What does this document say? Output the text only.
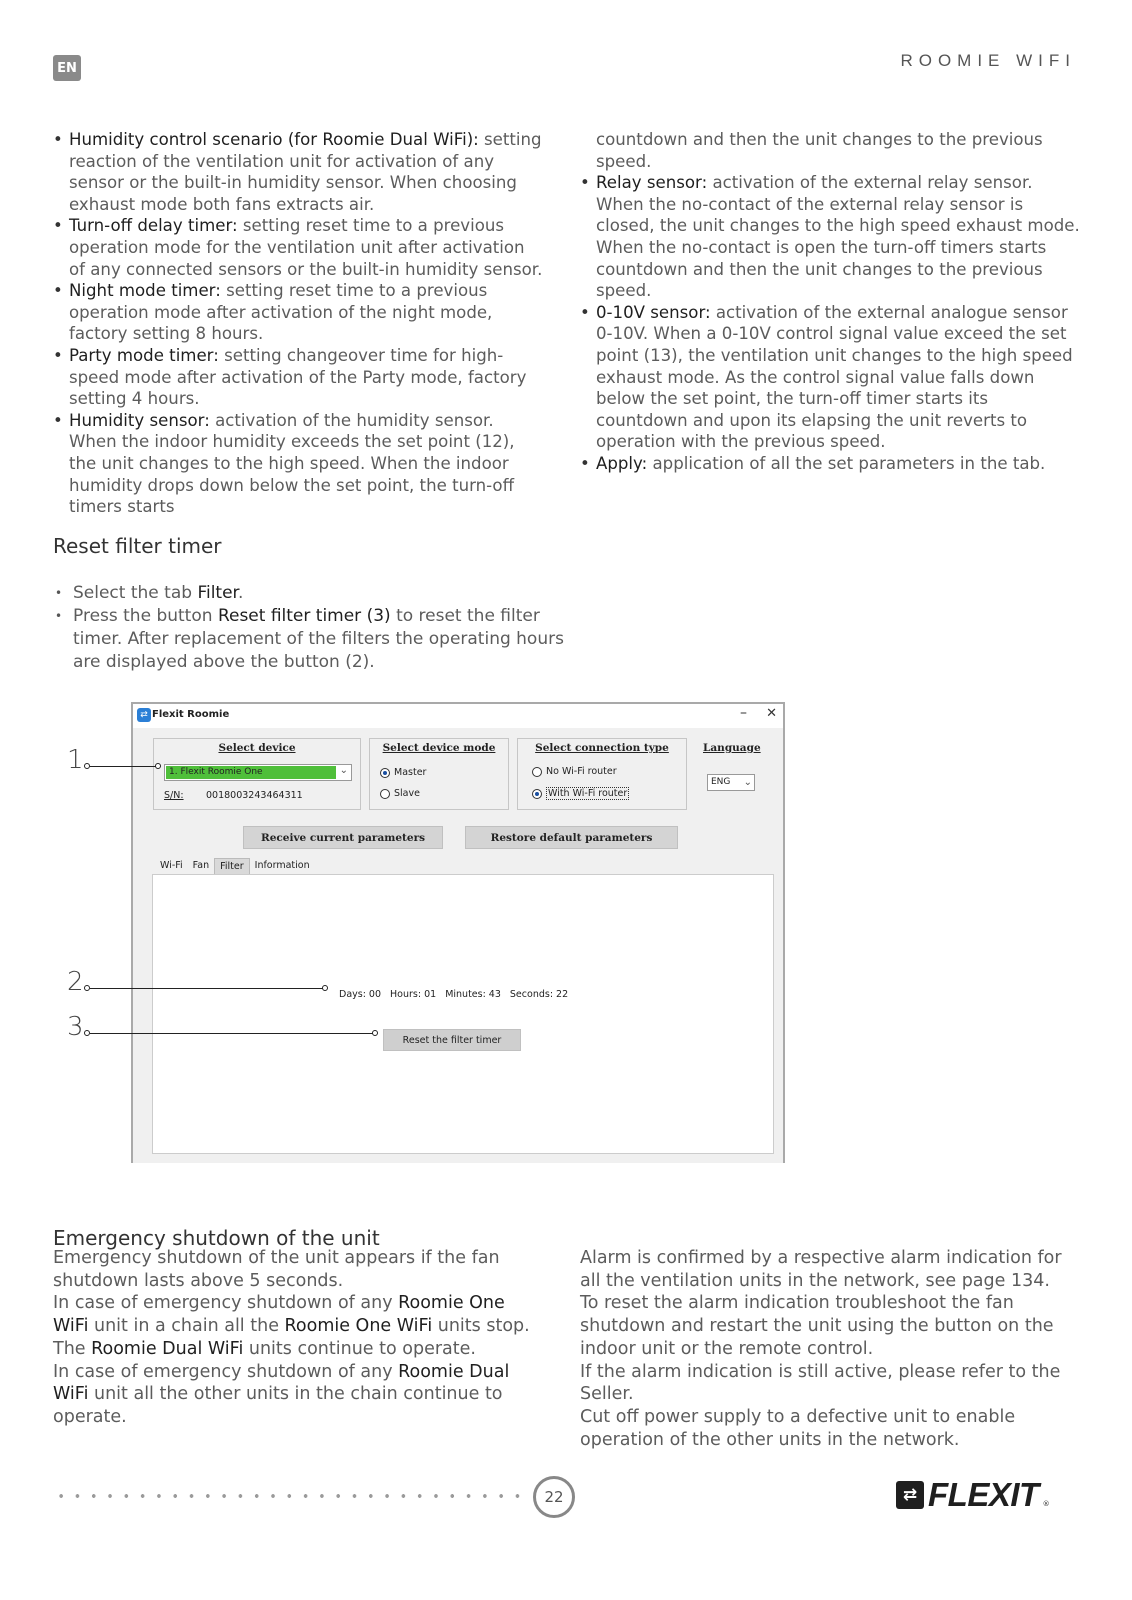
EN	ROOMIE WIFI
• Humidity control scenario (for Roomie Dual WiFi): setting reaction of the ventilation unit for activation of any sensor or the built-in humidity sensor. When choosing exhaust mode both fans extracts air.
• Turn-off delay timer: setting reset time to a previous operation mode for the ventilation unit after activation of any connected sensors or the built-in humidity sensor.
• Night mode timer: setting reset time to a previous operation mode after activation of the night mode, factory setting 8 hours.
• Party mode timer: setting changeover time for high-speed mode after activation of the Party mode, factory setting 4 hours.
• Humidity sensor: activation of the humidity sensor. When the indoor humidity exceeds the set point (12), the unit changes to the high speed. When the indoor humidity drops down below the set point, the turn-off timers starts
countdown and then the unit changes to the previous speed.
• Relay sensor: activation of the external relay sensor. When the no-contact of the external relay sensor is closed, the unit changes to the high speed exhaust mode. When the no-contact is open the turn-off timers starts countdown and then the unit changes to the previous speed.
• 0-10V sensor: activation of the external analogue sensor 0-10V. When a 0-10V control signal value exceed the set point (13), the ventilation unit changes to the high speed exhaust mode. As the control signal value falls down below the set point, the turn-off timer starts its countdown and upon its elapsing the unit reverts to operation with the previous speed.
• Apply: application of all the set parameters in the tab.
Reset filter timer
• Select the tab Filter.
• Press the button Reset filter timer (3) to reset the filter timer. After replacement of the filters the operating hours are displayed above the button (2).
⇄ Flexit Roomie	– ✕
Select device
1. Flexit Roomie One	⌄
S/N: 0018003243464311
Select device mode
Master
Slave
Select connection type
No Wi-Fi router
With Wi-Fi router
Language
ENG ⌄
Receive current parameters	Restore default parameters
Wi-Fi	Fan	Filter	Information
Days: 00 Hours: 01 Minutes: 43 Seconds: 22
Reset the filter timer
1
2
3
Emergency shutdown of the unit

Emergency shutdown of the unit appears if the fan shutdown lasts above 5 seconds.

In case of emergency shutdown of any Roomie One WiFi unit in a chain all the Roomie One WiFi units stop. The Roomie Dual WiFi units continue to operate.

In case of emergency shutdown of any Roomie Dual WiFi unit all the other units in the chain continue to operate.

Alarm is confirmed by a respective alarm indication for all the ventilation units in the network, see page 134.

To reset the alarm indication troubleshoot the fan shutdown and restart the unit using the button on the indoor unit or the remote control.

If the alarm indication is still active, please refer to the Seller.

Cut off power supply to a defective unit to enable operation of the other units in the network.

22	⇄ FLEXIT ®
